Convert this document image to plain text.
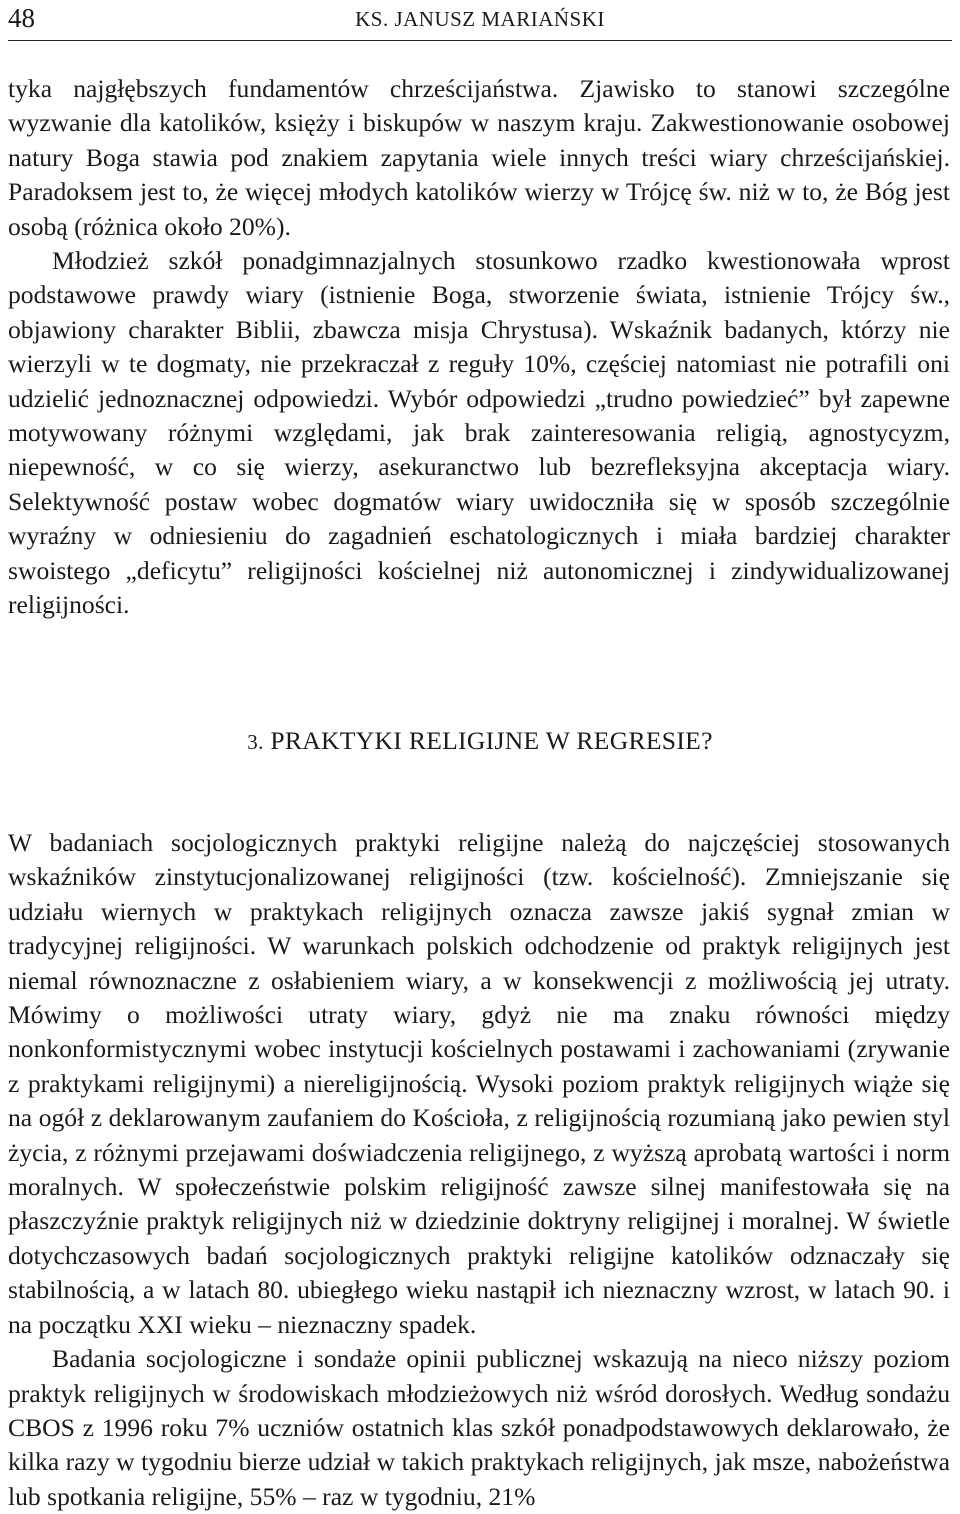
48	KS. JANUSZ MARIAŃSKI

tyka najgłębszych fundamentów chrześcijaństwa. Zjawisko to stanowi szczególne wyzwanie dla katolików, księży i biskupów w naszym kraju. Zakwestionowanie osobowej natury Boga stawia pod znakiem zapytania wiele innych treści wiary chrześcijańskiej. Paradoksem jest to, że więcej młodych katolików wierzy w Trójcę św. niż w to, że Bóg jest osobą (różnica około 20%).

Młodzież szkół ponadgimnazjalnych stosunkowo rzadko kwestionowała wprost podstawowe prawdy wiary (istnienie Boga, stworzenie świata, istnienie Trójcy św., objawiony charakter Biblii, zbawcza misja Chrystusa). Wskaźnik badanych, którzy nie wierzyli w te dogmaty, nie przekraczał z reguły 10%, częściej natomiast nie potrafili oni udzielić jednoznacznej odpowiedzi. Wybór odpowiedzi „trudno powiedzieć” był zapewne motywowany różnymi względami, jak brak zainteresowania religią, agnostycyzm, niepewność, w co się wierzy, asekuranctwo lub bezrefleksyjna akceptacja wiary. Selektywność postaw wobec dogmatów wiary uwidoczniła się w sposób szczególnie wyraźny w odniesieniu do zagadnień eschatologicznych i miała bardziej charakter swoistego „deficytu” religijności kościelnej niż autonomicznej i zindywidualizowanej religijności.

3. PRAKTYKI RELIGIJNE W REGRESIE?

W badaniach socjologicznych praktyki religijne należą do najczęściej stosowanych wskaźników zinstytucjonalizowanej religijności (tzw. kościelność). Zmniejszanie się udziału wiernych w praktykach religijnych oznacza zawsze jakiś sygnał zmian w tradycyjnej religijności. W warunkach polskich odchodzenie od praktyk religijnych jest niemal równoznaczne z osłabieniem wiary, a w konsekwencji z możliwością jej utraty. Mówimy o możliwości utraty wiary, gdyż nie ma znaku równości między nonkonformistycznymi wobec instytucji kościelnych postawami i zachowaniami (zrywanie z praktykami religijnymi) a niereligijnością. Wysoki poziom praktyk religijnych wiąże się na ogół z deklarowanym zaufaniem do Kościoła, z religijnością rozumianą jako pewien styl życia, z różnymi przejawami doświadczenia religijnego, z wyższą aprobatą wartości i norm moralnych. W społeczeństwie polskim religijność zawsze silnej manifestowała się na płaszczyźnie praktyk religijnych niż w dziedzinie doktryny religijnej i moralnej. W świetle dotychczasowych badań socjologicznych praktyki religijne katolików odznaczały się stabilnością, a w latach 80. ubiegłego wieku nastąpił ich nieznaczny wzrost, w latach 90. i na początku XXI wieku – nieznaczny spadek.

Badania socjologiczne i sondaże opinii publicznej wskazują na nieco niższy poziom praktyk religijnych w środowiskach młodzieżowych niż wśród dorosłych. Według sondażu CBOS z 1996 roku 7% uczniów ostatnich klas szkół ponadpodstawowych deklarowało, że kilka razy w tygodniu bierze udział w takich praktykach religijnych, jak msze, nabożeństwa lub spotkania religijne, 55% – raz w tygodniu, 21%
